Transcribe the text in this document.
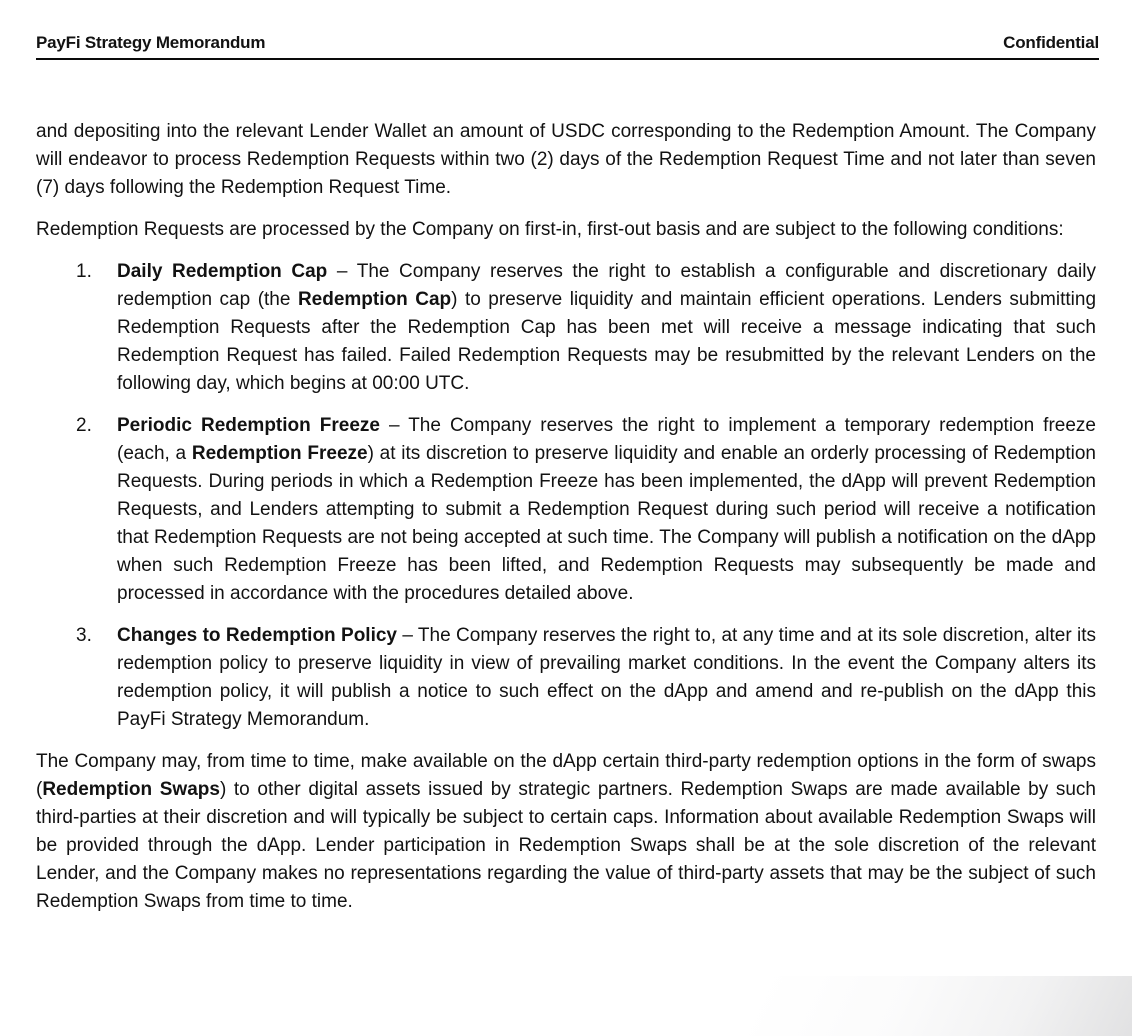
PayFi Strategy Memorandum	Confidential

and depositing into the relevant Lender Wallet an amount of USDC corresponding to the Redemption Amount. The Company will endeavor to process Redemption Requests within two (2) days of the Redemption Request Time and not later than seven (7) days following the Redemption Request Time.

Redemption Requests are processed by the Company on first-in, first-out basis and are subject to the following conditions:

1. Daily Redemption Cap – The Company reserves the right to establish a configurable and discretionary daily redemption cap (the Redemption Cap) to preserve liquidity and maintain efficient operations. Lenders submitting Redemption Requests after the Redemption Cap has been met will receive a message indicating that such Redemption Request has failed. Failed Redemption Requests may be resubmitted by the relevant Lenders on the following day, which begins at 00:00 UTC.
2. Periodic Redemption Freeze – The Company reserves the right to implement a temporary redemption freeze (each, a Redemption Freeze) at its discretion to preserve liquidity and enable an orderly processing of Redemption Requests. During periods in which a Redemption Freeze has been implemented, the dApp will prevent Redemption Requests, and Lenders attempting to submit a Redemption Request during such period will receive a notification that Redemption Requests are not being accepted at such time. The Company will publish a notification on the dApp when such Redemption Freeze has been lifted, and Redemption Requests may subsequently be made and processed in accordance with the procedures detailed above.
3. Changes to Redemption Policy – The Company reserves the right to, at any time and at its sole discretion, alter its redemption policy to preserve liquidity in view of prevailing market conditions. In the event the Company alters its redemption policy, it will publish a notice to such effect on the dApp and amend and re-publish on the dApp this PayFi Strategy Memorandum.

The Company may, from time to time, make available on the dApp certain third-party redemption options in the form of swaps (Redemption Swaps) to other digital assets issued by strategic partners. Redemption Swaps are made available by such third-parties at their discretion and will typically be subject to certain caps. Information about available Redemption Swaps will be provided through the dApp. Lender participation in Redemption Swaps shall be at the sole discretion of the relevant Lender, and the Company makes no representations regarding the value of third-party assets that may be the subject of such Redemption Swaps from time to time.
